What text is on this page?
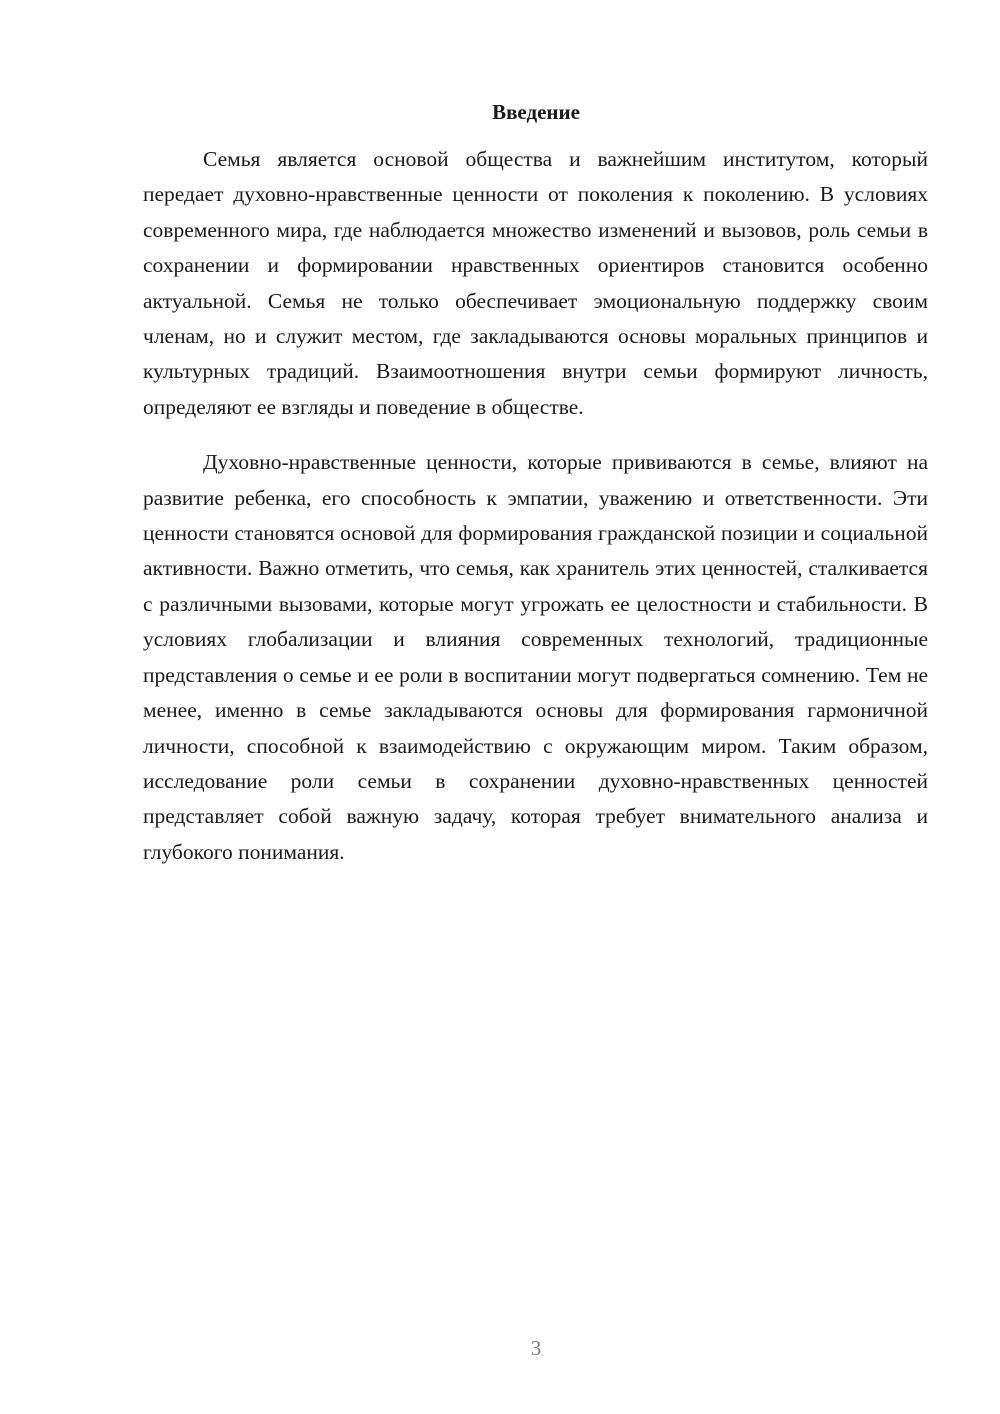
Введение

Семья является основой общества и важнейшим институтом, который передает духовно-нравственные ценности от поколения к поколению. В условиях современного мира, где наблюдается множество изменений и вызовов, роль семьи в сохранении и формировании нравственных ориентиров становится особенно актуальной. Семья не только обеспечивает эмоциональную поддержку своим членам, но и служит местом, где закладываются основы моральных принципов и культурных традиций. Взаимоотношения внутри семьи формируют личность, определяют ее взгляды и поведение в обществе.

Духовно-нравственные ценности, которые прививаются в семье, влияют на развитие ребенка, его способность к эмпатии, уважению и ответственности. Эти ценности становятся основой для формирования гражданской позиции и социальной активности. Важно отметить, что семья, как хранитель этих ценностей, сталкивается с различными вызовами, которые могут угрожать ее целостности и стабильности. В условиях глобализации и влияния современных технологий, традиционные представления о семье и ее роли в воспитании могут подвергаться сомнению. Тем не менее, именно в семье закладываются основы для формирования гармоничной личности, способной к взаимодействию с окружающим миром. Таким образом, исследование роли семьи в сохранении духовно-нравственных ценностей представляет собой важную задачу, которая требует внимательного анализа и глубокого понимания.

3
